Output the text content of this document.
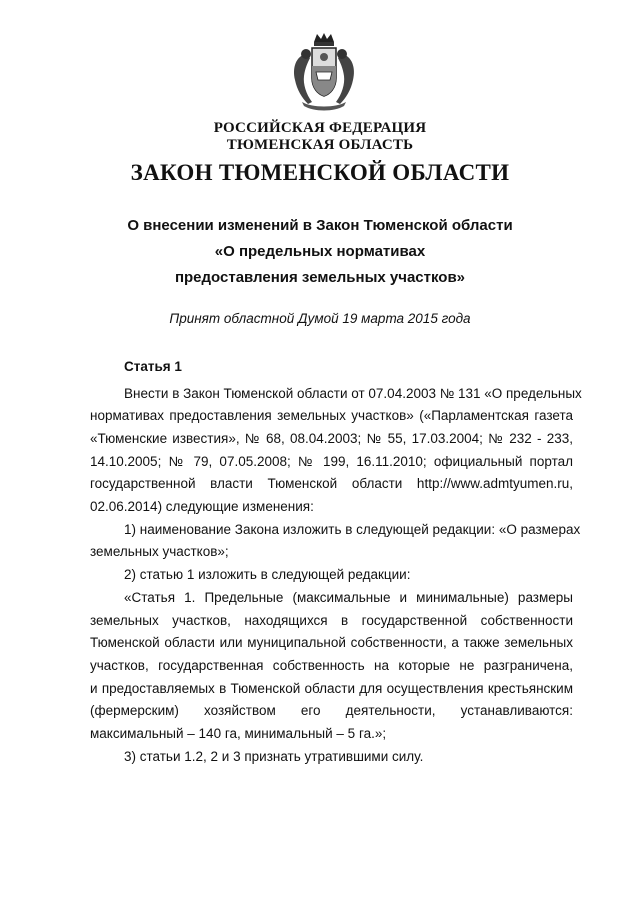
РОССИЙСКАЯ ФЕДЕРАЦИЯ
ТЮМЕНСКАЯ ОБЛАСТЬ
ЗАКОН ТЮМЕНСКОЙ ОБЛАСТИ
О внесении изменений в Закон Тюменской области
«О предельных нормативах
предоставления земельных участков»
Принят областной Думой 19 марта 2015 года
Статья 1
Внести в Закон Тюменской области от 07.04.2003 № 131 «О предельных
нормативах предоставления земельных участков» («Парламентская газета
«Тюменские известия», № 68, 08.04.2003; № 55, 17.03.2004; № 232 - 233,
14.10.2005; № 79, 07.05.2008; № 199, 16.11.2010; официальный портал
государственной власти Тюменской области http://www.admtyumen.ru,
02.06.2014) следующие изменения:
1) наименование Закона изложить в следующей редакции: «О размерах
земельных участков»;
2) статью 1 изложить в следующей редакции:
«Статья 1. Предельные (максимальные и минимальные) размеры
земельных участков, находящихся в государственной собственности
Тюменской области или муниципальной собственности, а также земельных
участков, государственная собственность на которые не разграничена,
и предоставляемых в Тюменской области для осуществления крестьянским
(фермерским) хозяйством его деятельности, устанавливаются:
максимальный – 140 га, минимальный – 5 га.»;
3) статьи 1.2, 2 и 3 признать утратившими силу.
